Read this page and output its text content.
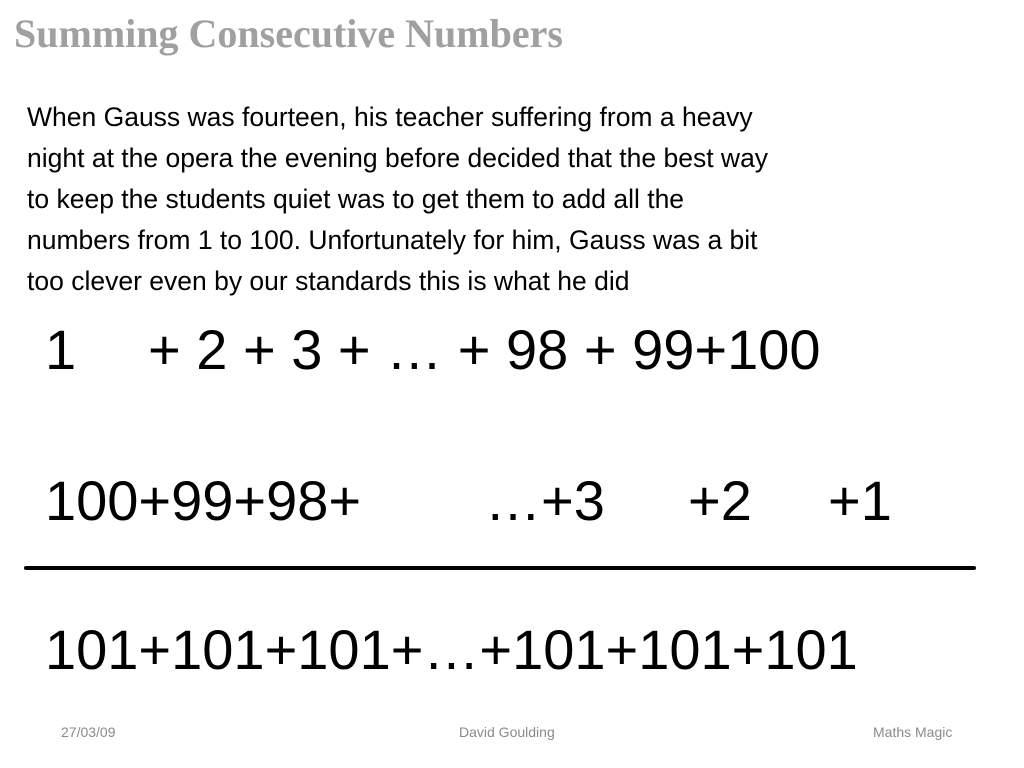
Summing Consecutive Numbers
When Gauss was fourteen, his teacher suffering from a heavy
night at the opera the evening before decided that the best way
to keep the students quiet was to get them to add all the
numbers from 1 to 100. Unfortunately for him, Gauss was a bit
too clever even by our standards this is what he did
1 + 2 + 3 + … + 98 + 99+100
100+99+98+ …+3 +2 +1
101+101+101+…+101+101+101
27/03/09	David Goulding	Maths Magic
